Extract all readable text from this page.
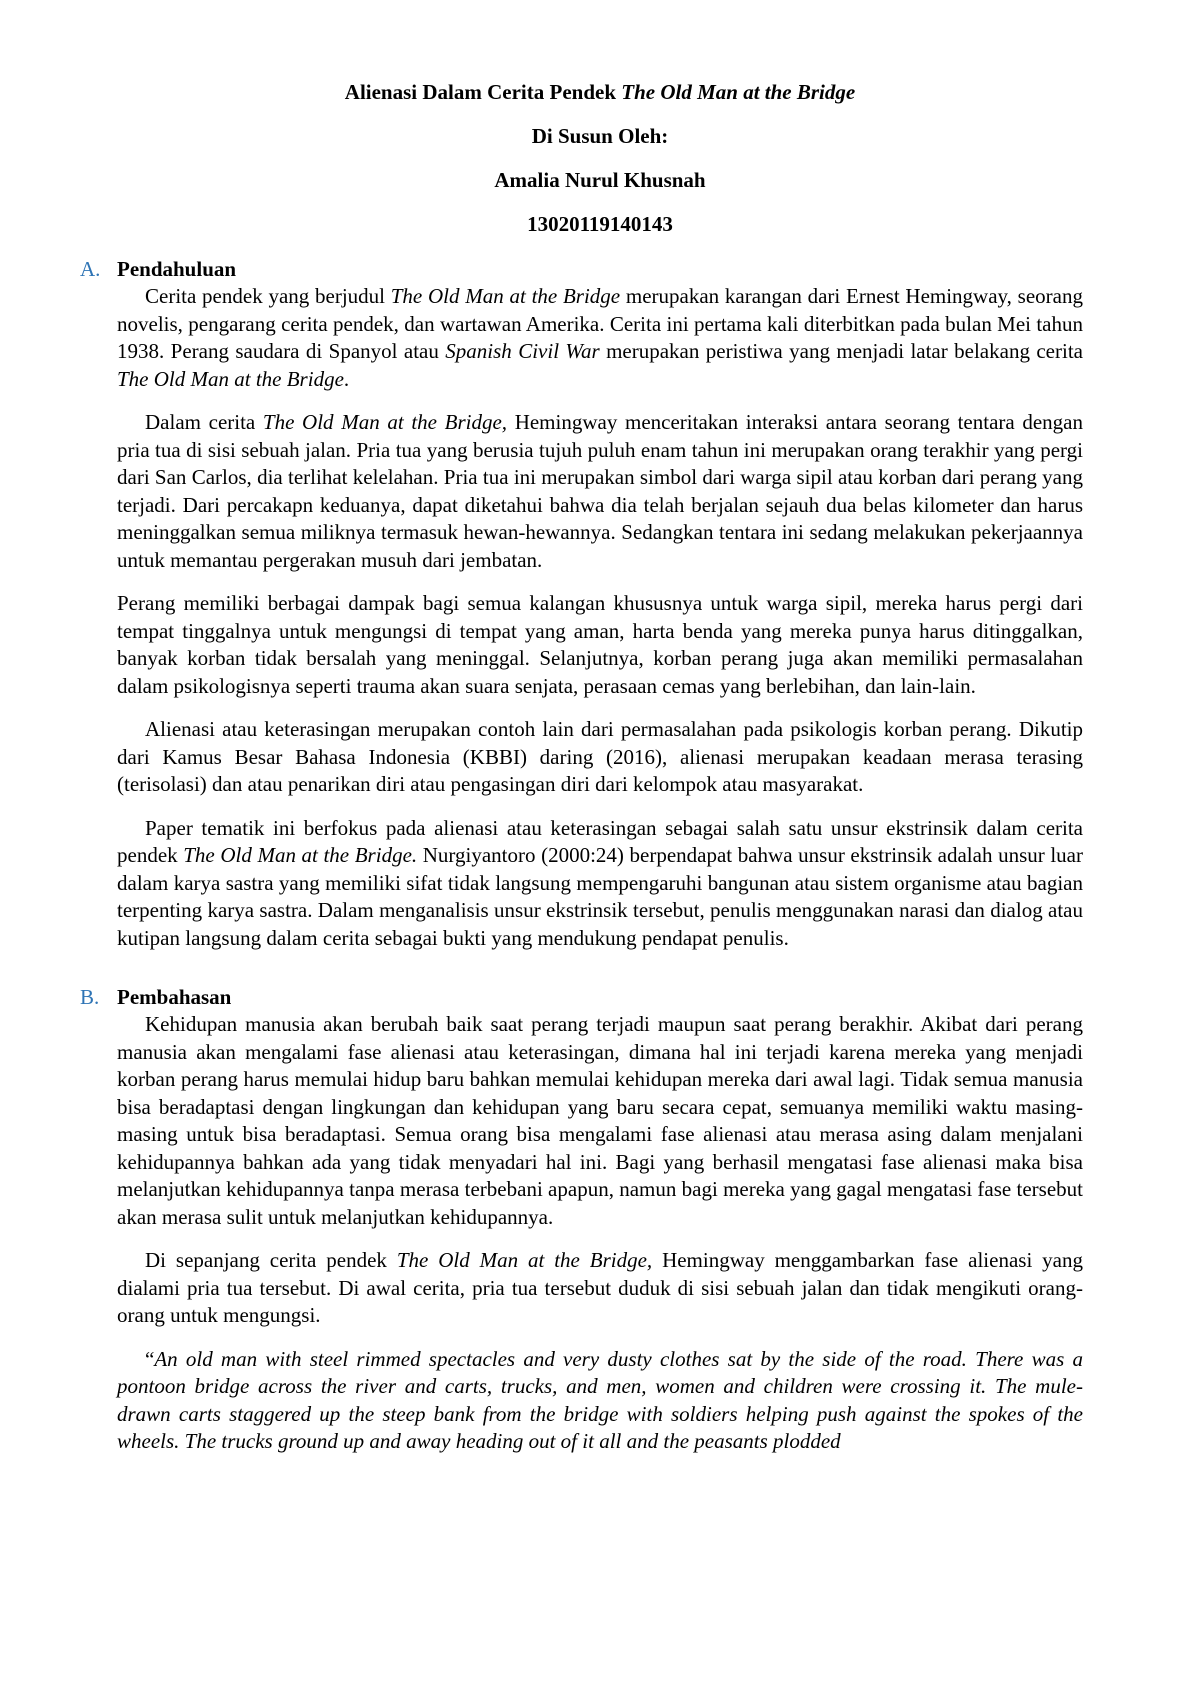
Alienasi Dalam Cerita Pendek The Old Man at the Bridge

Di Susun Oleh:

Amalia Nurul Khusnah

13020119140143

A. Pendahuluan

Cerita pendek yang berjudul The Old Man at the Bridge merupakan karangan dari Ernest Hemingway, seorang novelis, pengarang cerita pendek, dan wartawan Amerika. Cerita ini pertama kali diterbitkan pada bulan Mei tahun 1938. Perang saudara di Spanyol atau Spanish Civil War merupakan peristiwa yang menjadi latar belakang cerita The Old Man at the Bridge.

Dalam cerita The Old Man at the Bridge, Hemingway menceritakan interaksi antara seorang tentara dengan pria tua di sisi sebuah jalan. Pria tua yang berusia tujuh puluh enam tahun ini merupakan orang terakhir yang pergi dari San Carlos, dia terlihat kelelahan. Pria tua ini merupakan simbol dari warga sipil atau korban dari perang yang terjadi. Dari percakapn keduanya, dapat diketahui bahwa dia telah berjalan sejauh dua belas kilometer dan harus meninggalkan semua miliknya termasuk hewan-hewannya. Sedangkan tentara ini sedang melakukan pekerjaannya untuk memantau pergerakan musuh dari jembatan.

Perang memiliki berbagai dampak bagi semua kalangan khususnya untuk warga sipil, mereka harus pergi dari tempat tinggalnya untuk mengungsi di tempat yang aman, harta benda yang mereka punya harus ditinggalkan, banyak korban tidak bersalah yang meninggal. Selanjutnya, korban perang juga akan memiliki permasalahan dalam psikologisnya seperti trauma akan suara senjata, perasaan cemas yang berlebihan, dan lain-lain.

Alienasi atau keterasingan merupakan contoh lain dari permasalahan pada psikologis korban perang. Dikutip dari Kamus Besar Bahasa Indonesia (KBBI) daring (2016), alienasi merupakan keadaan merasa terasing (terisolasi) dan atau penarikan diri atau pengasingan diri dari kelompok atau masyarakat.

Paper tematik ini berfokus pada alienasi atau keterasingan sebagai salah satu unsur ekstrinsik dalam cerita pendek The Old Man at the Bridge. Nurgiyantoro (2000:24) berpendapat bahwa unsur ekstrinsik adalah unsur luar dalam karya sastra yang memiliki sifat tidak langsung mempengaruhi bangunan atau sistem organisme atau bagian terpenting karya sastra. Dalam menganalisis unsur ekstrinsik tersebut, penulis menggunakan narasi dan dialog atau kutipan langsung dalam cerita sebagai bukti yang mendukung pendapat penulis.

B. Pembahasan

Kehidupan manusia akan berubah baik saat perang terjadi maupun saat perang berakhir. Akibat dari perang manusia akan mengalami fase alienasi atau keterasingan, dimana hal ini terjadi karena mereka yang menjadi korban perang harus memulai hidup baru bahkan memulai kehidupan mereka dari awal lagi. Tidak semua manusia bisa beradaptasi dengan lingkungan dan kehidupan yang baru secara cepat, semuanya memiliki waktu masing-masing untuk bisa beradaptasi. Semua orang bisa mengalami fase alienasi atau merasa asing dalam menjalani kehidupannya bahkan ada yang tidak menyadari hal ini. Bagi yang berhasil mengatasi fase alienasi maka bisa melanjutkan kehidupannya tanpa merasa terbebani apapun, namun bagi mereka yang gagal mengatasi fase tersebut akan merasa sulit untuk melanjutkan kehidupannya.

Di sepanjang cerita pendek The Old Man at the Bridge, Hemingway menggambarkan fase alienasi yang dialami pria tua tersebut. Di awal cerita, pria tua tersebut duduk di sisi sebuah jalan dan tidak mengikuti orang-orang untuk mengungsi.

“An old man with steel rimmed spectacles and very dusty clothes sat by the side of the road. There was a pontoon bridge across the river and carts, trucks, and men, women and children were crossing it. The mule- drawn carts staggered up the steep bank from the bridge with soldiers helping push against the spokes of the wheels. The trucks ground up and away heading out of it all and the peasants plodded
